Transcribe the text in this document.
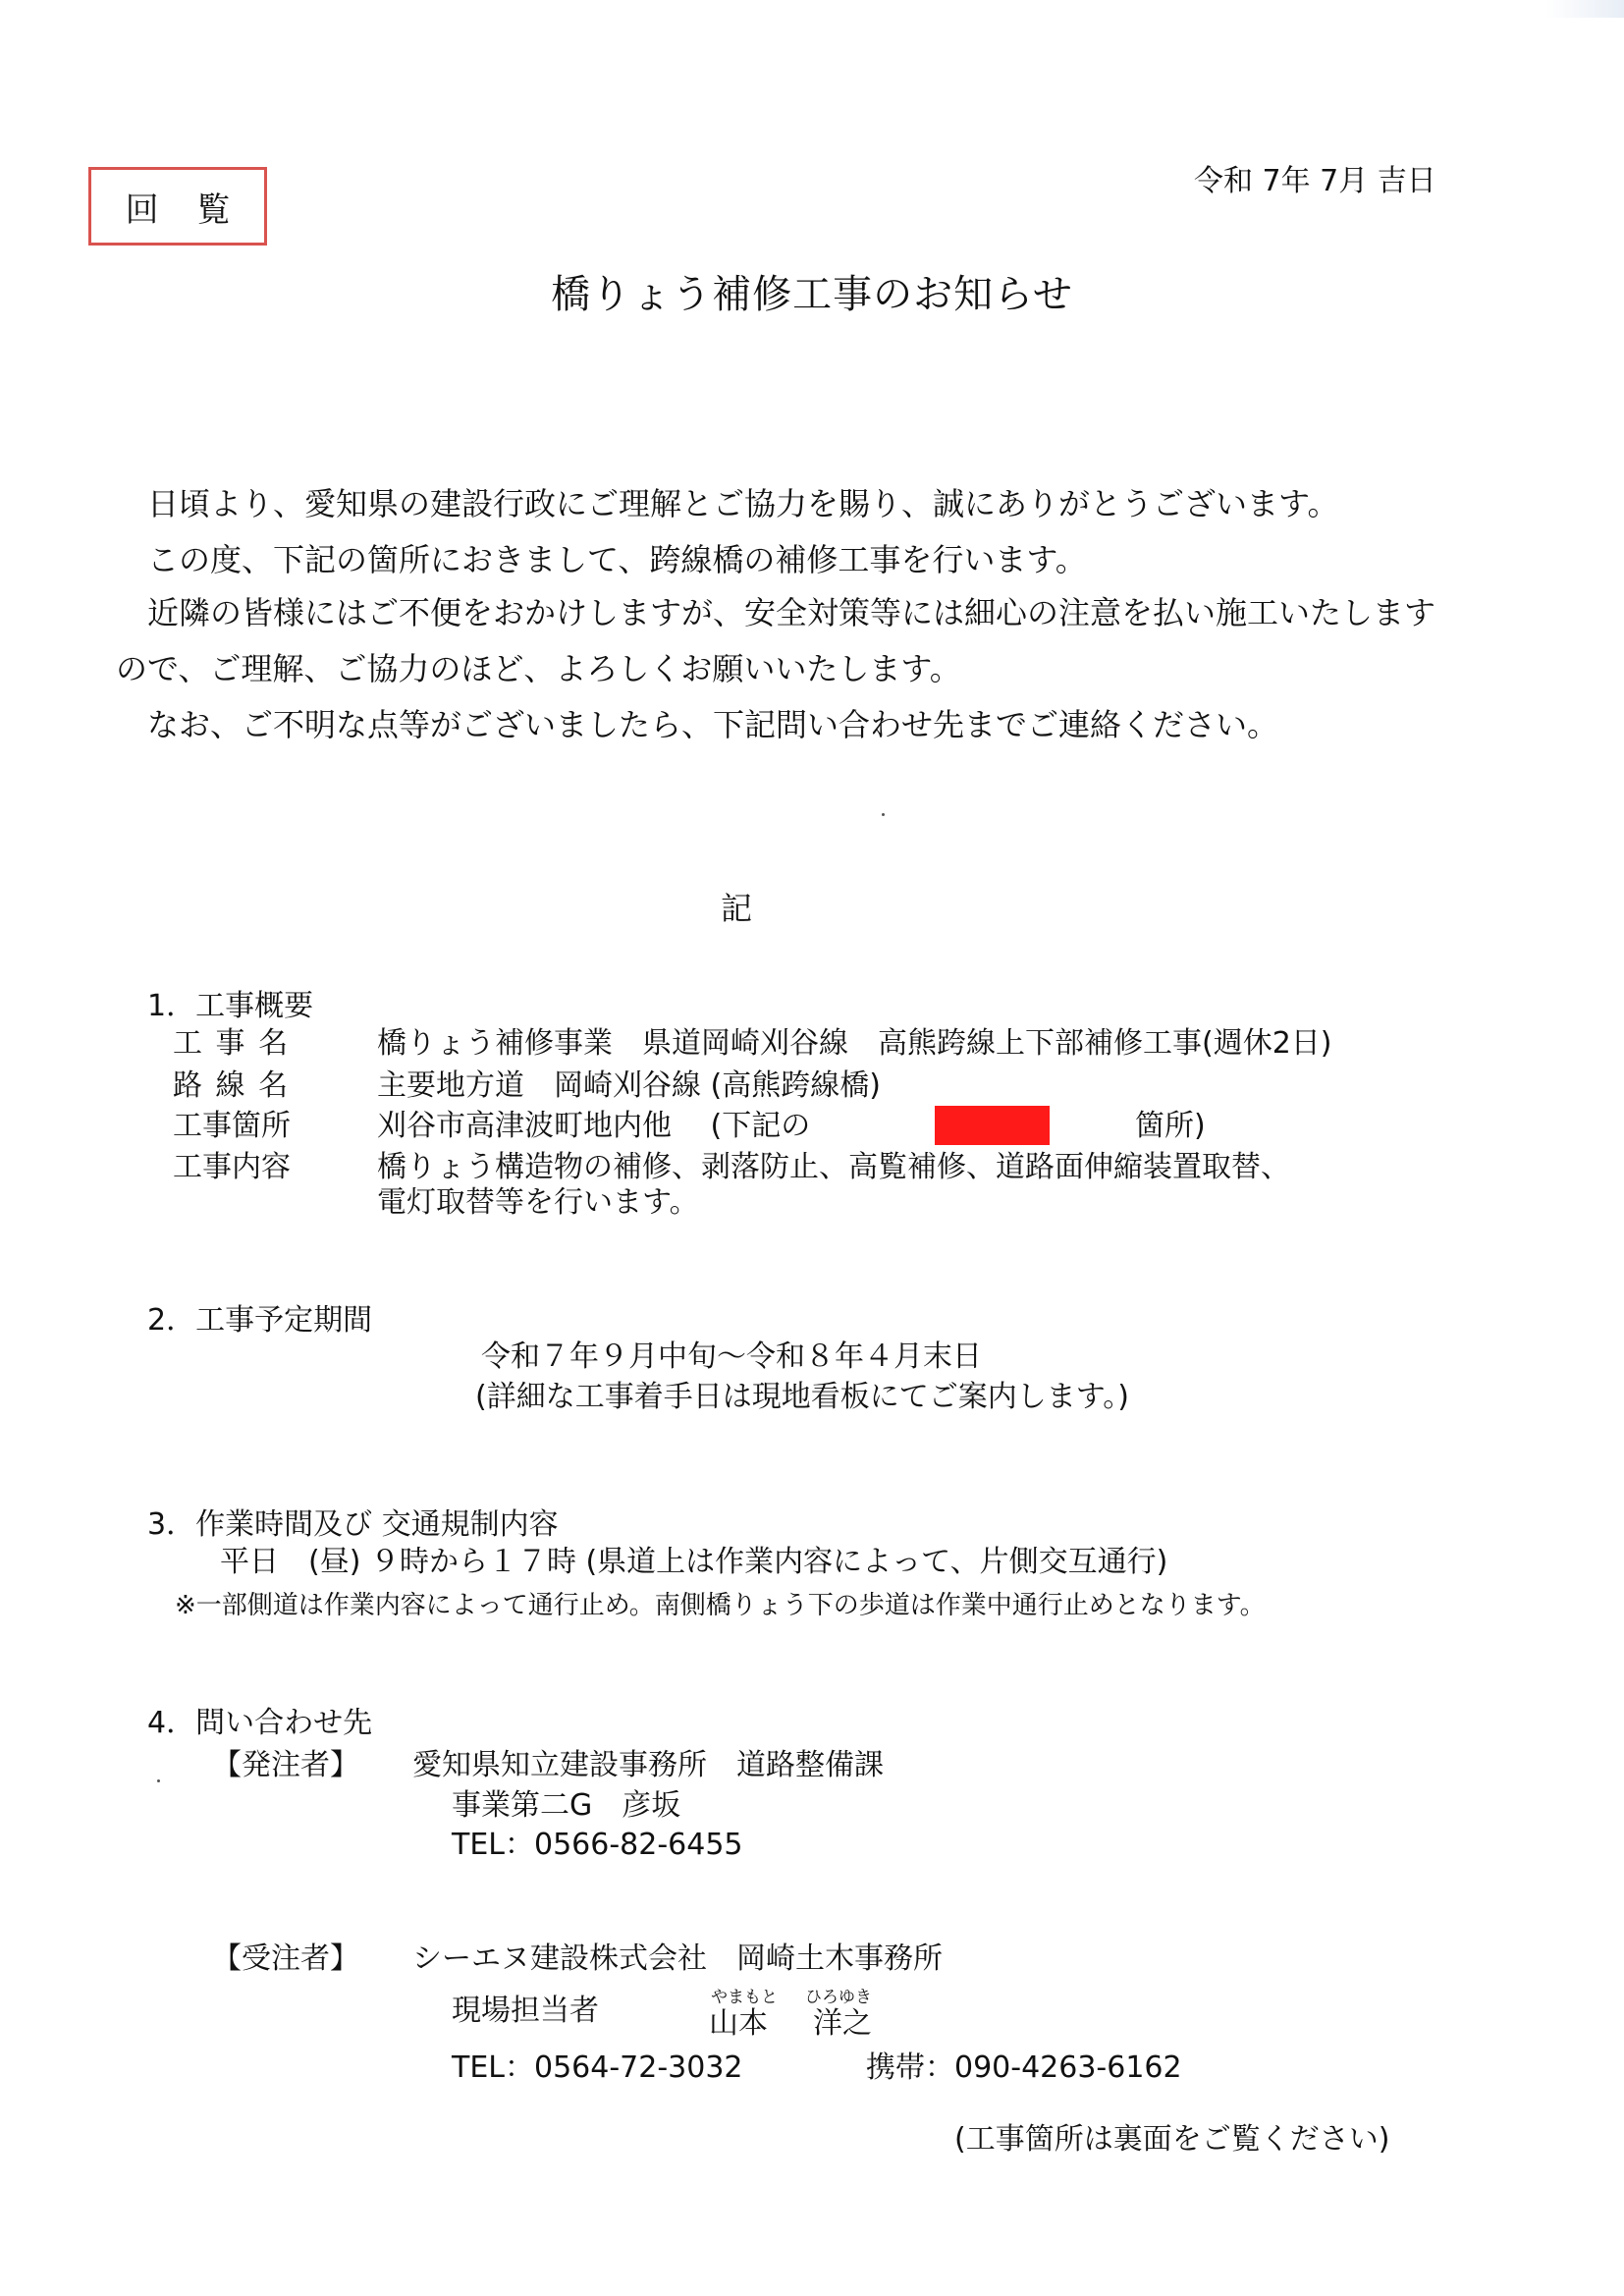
回 覧
令和 7年 7月 吉日
橋りょう補修工事のお知らせ
日頃より、愛知県の建設行政にご理解とご協力を賜り、誠にありがとうございます。
この度、下記の箇所におきまして、跨線橋の補修工事を行います。
近隣の皆様にはご不便をおかけしますが、安全対策等には細心の注意を払い施工いたします
ので、ご理解、ご協力のほど、よろしくお願いいたします。
なお、ご不明な点等がございましたら、下記問い合わせ先までご連絡ください。
記
1．工事概要
工 事 名	橋りょう補修事業　県道岡崎刈谷線　高熊跨線上下部補修工事(週休2日)
路 線 名	主要地方道　岡崎刈谷線 (高熊跨線橋)
工事箇所	刈谷市高津波町地内他　 (下記の	箇所)
工事内容	橋りょう構造物の補修、剥落防止、高覧補修、道路面伸縮装置取替、
電灯取替等を行います。
2．工事予定期間
令和７年９月中旬～令和８年４月末日
(詳細な工事着手日は現地看板にてご案内します。)
3．作業時間及び 交通規制内容
平日　(昼) ９時から１７時 (県道上は作業内容によって、片側交互通行)
※一部側道は作業内容によって通行止め。南側橋りょう下の歩道は作業中通行止めとなります。
4．問い合わせ先
【発注者】 愛知県知立建設事務所　道路整備課
事業第二G　彦坂
TEL：0566-82-6455
【受注者】 シーエヌ建設株式会社　岡崎土木事務所
現場担当者	やまもと ひろゆき
山本 洋之
TEL：0564-72-3032	携帯：090-4263-6162
(工事箇所は裏面をご覧ください)
